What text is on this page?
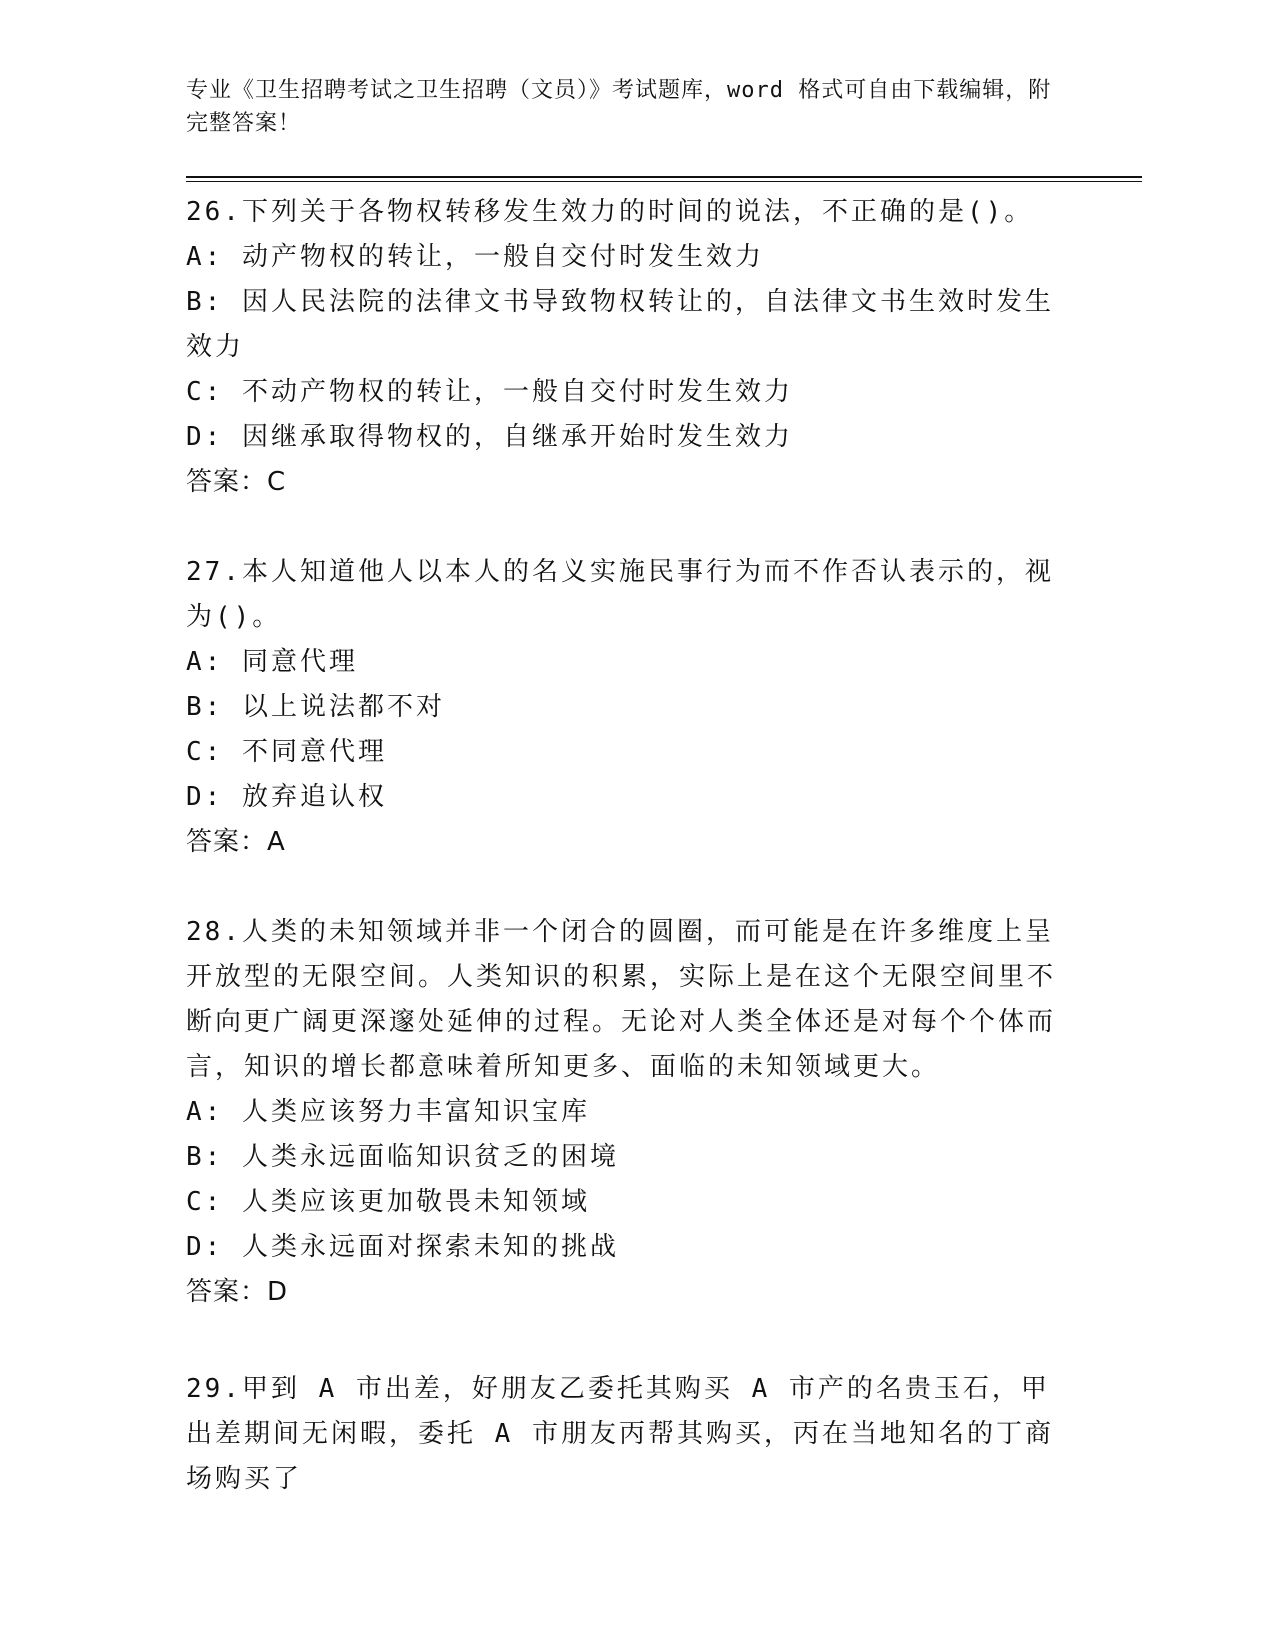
专业《卫生招聘考试之卫生招聘（文员）》考试题库，word 格式可自由下载编辑，附完整答案！

26.下列关于各物权转移发生效力的时间的说法，不正确的是()。

A: 动产物权的转让，一般自交付时发生效力

B: 因人民法院的法律文书导致物权转让的，自法律文书生效时发生效力

C: 不动产物权的转让，一般自交付时发生效力

D: 因继承取得物权的，自继承开始时发生效力

答案：C

27.本人知道他人以本人的名义实施民事行为而不作否认表示的，视为()。

A: 同意代理

B: 以上说法都不对

C: 不同意代理

D: 放弃追认权

答案：A

28.人类的未知领域并非一个闭合的圆圈，而可能是在许多维度上呈开放型的无限空间。人类知识的积累，实际上是在这个无限空间里不断向更广阔更深邃处延伸的过程。无论对人类全体还是对每个个体而言，知识的增长都意味着所知更多、面临的未知领域更大。

A: 人类应该努力丰富知识宝库

B: 人类永远面临知识贫乏的困境

C: 人类应该更加敬畏未知领域

D: 人类永远面对探索未知的挑战

答案：D

29.甲到 A 市出差，好朋友乙委托其购买 A 市产的名贵玉石，甲出差期间无闲暇，委托 A 市朋友丙帮其购买，丙在当地知名的丁商场购买了
